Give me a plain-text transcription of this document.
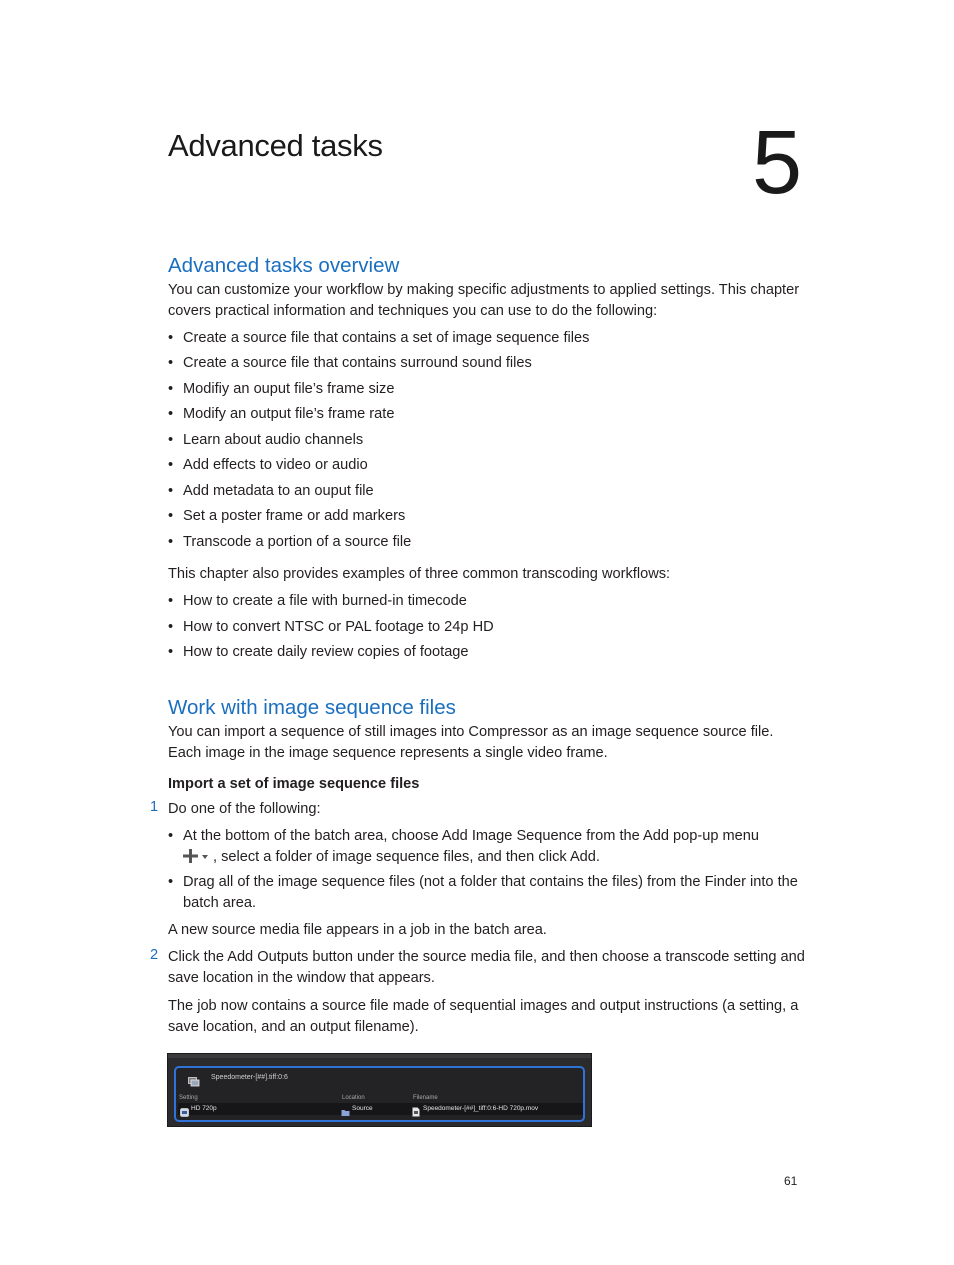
Advanced tasks	5
Advanced tasks overview

You can customize your workflow by making specific adjustments to applied settings. This chapter covers practical information and techniques you can use to do the following:

• Create a source file that contains a set of image sequence files
• Create a source file that contains surround sound files
• Modifiy an ouput file’s frame size
• Modify an output file’s frame rate
• Learn about audio channels
• Add effects to video or audio
• Add metadata to an ouput file
• Set a poster frame or add markers
• Transcode a portion of a source file

This chapter also provides examples of three common transcoding workflows:

• How to create a file with burned-in timecode
• How to convert NTSC or PAL footage to 24p HD
• How to create daily review copies of footage
Work with image sequence files

You can import a sequence of still images into Compressor as an image sequence source file. Each image in the image sequence represents a single video frame.

Import a set of image sequence files
1 Do one of the following:

• At the bottom of the batch area, choose Add Image Sequence from the Add pop-up menu
, select a folder of image sequence files, and then click Add.
• Drag all of the image sequence files (not a folder that contains the files) from the Finder into the batch area.

A new source media file appears in a job in the batch area.

2 Click the Add Outputs button under the source media file, and then choose a transcode setting and save location in the window that appears.

The job now contains a source file made of sequential images and output instructions (a setting, a save location, and an output filename).

Speedometer-[##].tiff:0:6
Setting	Location	Filename
HD 720p	Source	Speedometer-[##]_tiff:0:6-HD 720p.mov
61
